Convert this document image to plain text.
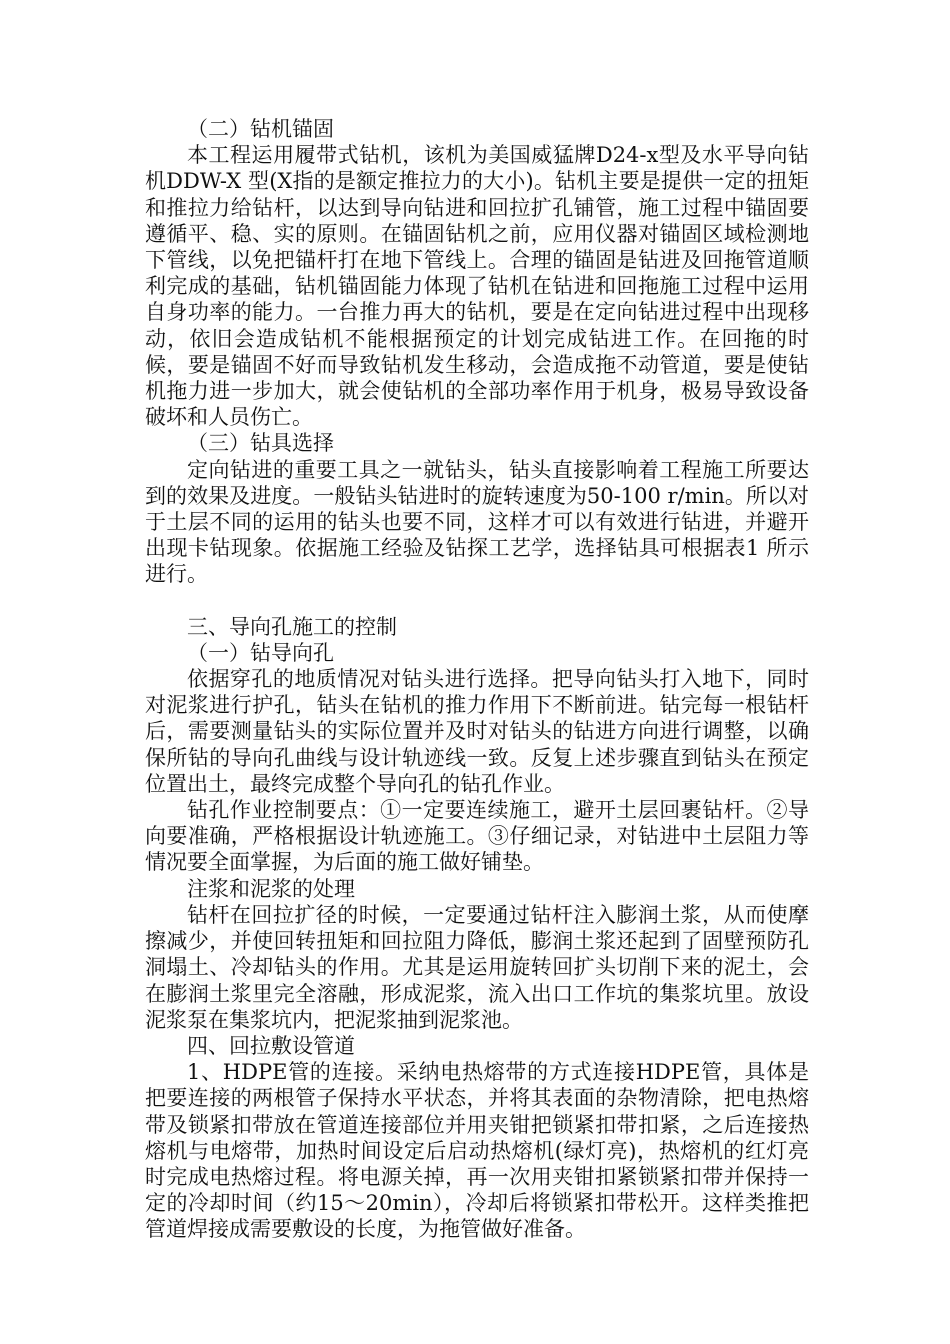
（二）钻机锚固

本工程运用履带式钻机，该机为美国威猛牌D24-x型及水平导向钻机DDW-X 型(X指的是额定推拉力的大小)。钻机主要是提供一定的扭矩和推拉力给钻杆，以达到导向钻进和回拉扩孔铺管，施工过程中锚固要遵循平、稳、实的原则。在锚固钻机之前，应用仪器对锚固区域检测地下管线，以免把锚杆打在地下管线上。合理的锚固是钻进及回拖管道顺利完成的基础，钻机锚固能力体现了钻机在钻进和回拖施工过程中运用自身功率的能力。一台推力再大的钻机，要是在定向钻进过程中出现移动，依旧会造成钻机不能根据预定的计划完成钻进工作。在回拖的时候，要是锚固不好而导致钻机发生移动，会造成拖不动管道，要是使钻机拖力进一步加大，就会使钻机的全部功率作用于机身，极易导致设备破坏和人员伤亡。

（三）钻具选择

定向钻进的重要工具之一就钻头，钻头直接影响着工程施工所要达到的效果及进度。一般钻头钻进时的旋转速度为50-100 r/min。所以对于土层不同的运用的钻头也要不同，这样才可以有效进行钻进，并避开出现卡钻现象。依据施工经验及钻探工艺学，选择钻具可根据表1 所示进行。

三、导向孔施工的控制

（一）钻导向孔

依据穿孔的地质情况对钻头进行选择。把导向钻头打入地下，同时对泥浆进行护孔，钻头在钻机的推力作用下不断前进。钻完每一根钻杆后，需要测量钻头的实际位置并及时对钻头的钻进方向进行调整，以确保所钻的导向孔曲线与设计轨迹线一致。反复上述步骤直到钻头在预定位置出土，最终完成整个导向孔的钻孔作业。

钻孔作业控制要点：①一定要连续施工，避开土层回裹钻杆。②导向要准确，严格根据设计轨迹施工。③仔细记录，对钻进中土层阻力等情况要全面掌握，为后面的施工做好铺垫。

注浆和泥浆的处理

钻杆在回拉扩径的时候，一定要通过钻杆注入膨润土浆，从而使摩擦减少，并使回转扭矩和回拉阻力降低，膨润土浆还起到了固壁预防孔洞塌土、冷却钻头的作用。尤其是运用旋转回扩头切削下来的泥土，会在膨润土浆里完全溶融，形成泥浆，流入出口工作坑的集浆坑里。放设泥浆泵在集浆坑内，把泥浆抽到泥浆池。

四、回拉敷设管道

1、HDPE管的连接。采纳电热熔带的方式连接HDPE管，具体是把要连接的两根管子保持水平状态，并将其表面的杂物清除，把电热熔带及锁紧扣带放在管道连接部位并用夹钳把锁紧扣带扣紧，之后连接热熔机与电熔带，加热时间设定后启动热熔机(绿灯亮)，热熔机的红灯亮时完成电热熔过程。将电源关掉，再一次用夹钳扣紧锁紧扣带并保持一定的冷却时间（约15～20min），冷却后将锁紧扣带松开。这样类推把管道焊接成需要敷设的长度，为拖管做好准备。
